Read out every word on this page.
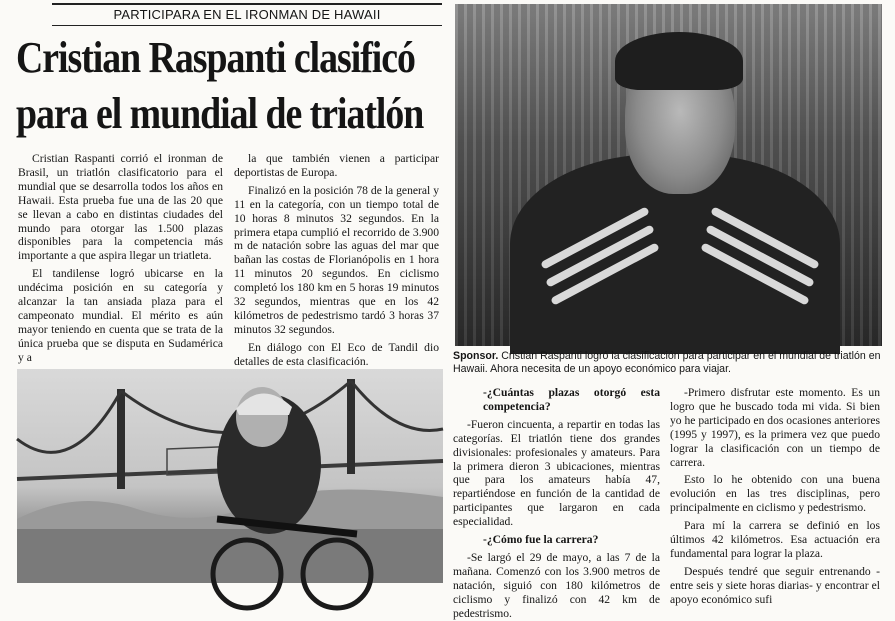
PARTICIPARA EN EL IRONMAN DE HAWAII
Cristian Raspanti clasificó
para el mundial de triatlón

Cristian Raspanti corrió el ironman de Brasil, un triatlón clasificatorio para el mundial que se desarrolla todos los años en Hawaii. Esta prueba fue una de las 20 que se llevan a cabo en distintas ciudades del mundo para otorgar las 1.500 plazas disponibles para la competencia más importante a que aspira llegar un triatleta.

El tandilense logró ubicarse en la undécima posición en su categoría y alcanzar la tan ansiada plaza para el campeonato mundial. El mérito es aún mayor teniendo en cuenta que se trata de la única prueba que se disputa en Sudamérica y a

la que también vienen a participar deportistas de Europa.

Finalizó en la posición 78 de la general y 11 en la categoría, con un tiempo total de 10 horas 8 minutos 32 segundos. En la primera etapa cumplió el recorrido de 3.900 m de natación sobre las aguas del mar que bañan las costas de Florianópolis en 1 hora 11 minutos 20 segundos. En ciclismo completó los 180 km en 5 horas 19 minutos 32 segundos, mientras que en los 42 kilómetros de pedestrismo tardó 3 horas 37 minutos 32 segundos.

En diálogo con El Eco de Tandil dio detalles de esta clasificación.	Sponsor. Cristian Raspanti logró la clasificación para participar en el mundial de triatlón en Hawaii. Ahora necesita de un apoyo económico para viajar.

-¿Cuántas plazas otorgó esta competencia?

-Fueron cincuenta, a repartir en todas las categorías. El triatlón tiene dos grandes divisionales: profesionales y amateurs. Para la primera dieron 3 ubicaciones, mientras que para los amateurs había 47, repartiéndose en función de la cantidad de participantes que largaron en cada especialidad.

-¿Cómo fue la carrera?

-Se largó el 29 de mayo, a las 7 de la mañana. Comenzó con los 3.900 metros de natación, siguió con 180 kilómetros de ciclismo y finalizó con 42 km de pedestrismo.

-Primero disfrutar este momento. Es un logro que he buscado toda mi vida. Si bien yo he participado en dos ocasiones anteriores (1995 y 1997), es la primera vez que puedo lograr la clasificación con un tiempo de carrera.

Esto lo he obtenido con una buena evolución en las tres disciplinas, pero principalmente en ciclismo y pedestrismo.

Para mí la carrera se definió en los últimos 42 kilómetros. Esa actuación era fundamental para lograr la plaza.

Después tendré que seguir entrenando -entre seis y siete horas diarias- y encontrar el apoyo económico sufi
